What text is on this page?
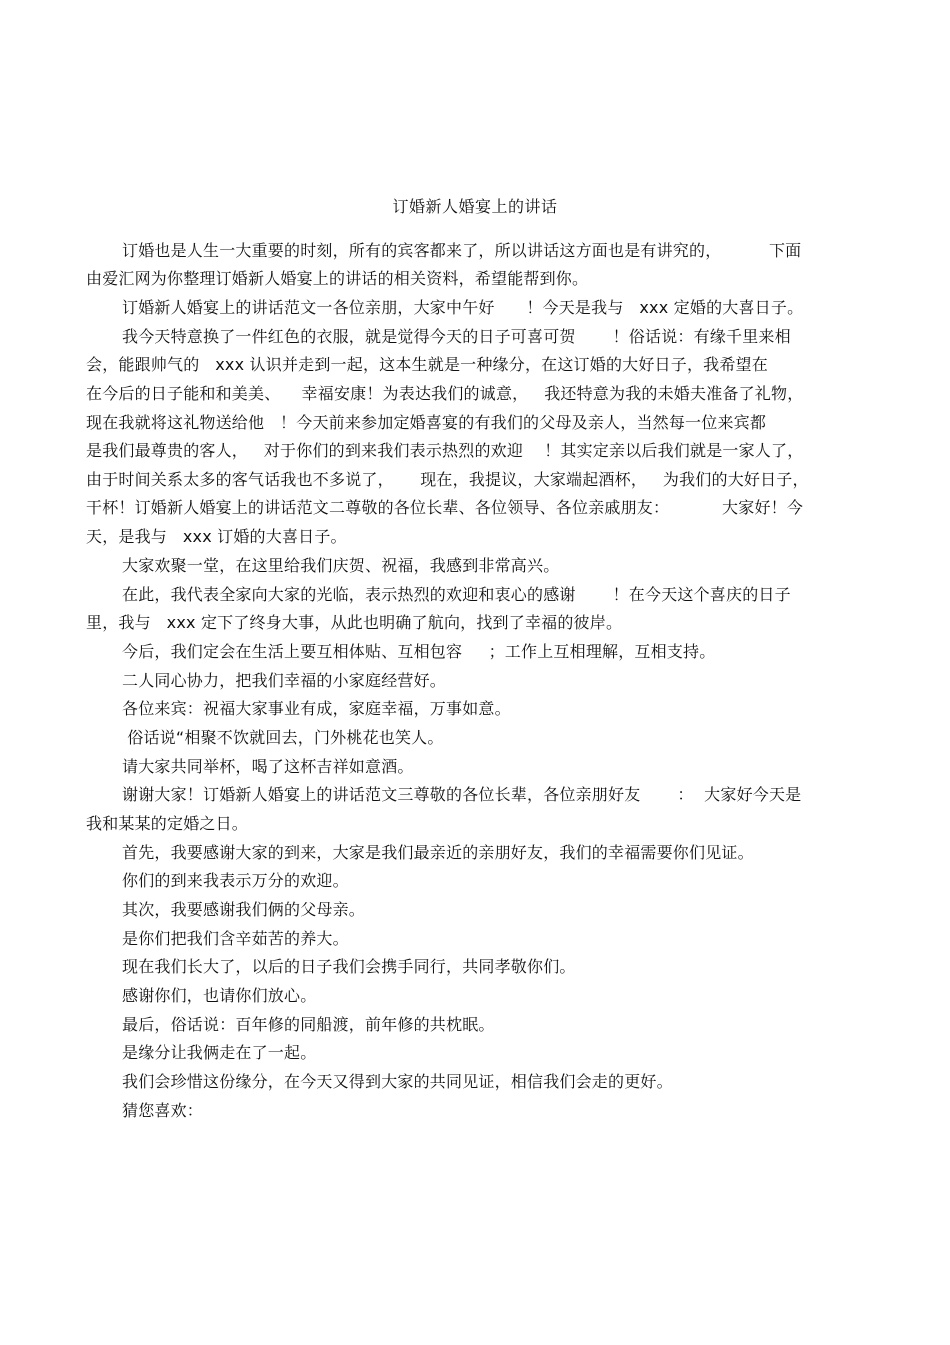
订婚新人婚宴上的讲话
订婚也是人生一大重要的时刻，所有的宾客都来了，所以讲话这方面也是有讲究的，         下面
由爱汇网为你整理订婚新人婚宴上的讲话的相关资料，希望能帮到你。
订婚新人婚宴上的讲话范文一各位亲朋，大家中午好      ！今天是我与   xxx 定婚的大喜日子。
我今天特意换了一件红色的衣服，就是觉得今天的日子可喜可贺       ！俗话说：有缘千里来相
会，能跟帅气的   xxx 认识并走到一起，这本生就是一种缘分，在这订婚的大好日子，我希望在
在今后的日子能和和美美、    幸福安康！为表达我们的诚意，   我还特意为我的未婚夫准备了礼物，
现在我就将这礼物送给他   ！今天前来参加定婚喜宴的有我们的父母及亲人，当然每一位来宾都
是我们最尊贵的客人，   对于你们的到来我们表示热烈的欢迎    ！其实定亲以后我们就是一家人了，
由于时间关系太多的客气话我也不多说了，     现在，我提议，大家端起酒杯，   为我们的大好日子，
干杯！订婚新人婚宴上的讲话范文二尊敬的各位长辈、各位领导、各位亲戚朋友：          大家好！今
天，是我与   xxx 订婚的大喜日子。
大家欢聚一堂，在这里给我们庆贺、祝福，我感到非常高兴。
在此，我代表全家向大家的光临，表示热烈的欢迎和衷心的感谢       ！在今天这个喜庆的日子
里，我与   xxx 定下了终身大事，从此也明确了航向，找到了幸福的彼岸。
今后，我们定会在生活上要互相体贴、互相包容     ；工作上互相理解，互相支持。
二人同心协力，把我们幸福的小家庭经营好。
各位来宾：祝福大家事业有成，家庭幸福，万事如意。
俗话说“相聚不饮就回去，门外桃花也笑人。
请大家共同举杯，喝了这杯吉祥如意酒。
谢谢大家！订婚新人婚宴上的讲话范文三尊敬的各位长辈，各位亲朋好友       ：  大家好今天是
我和某某的定婚之日。
首先，我要感谢大家的到来，大家是我们最亲近的亲朋好友，我们的幸福需要你们见证。
你们的到来我表示万分的欢迎。
其次，我要感谢我们俩的父母亲。
是你们把我们含辛茹苦的养大。
现在我们长大了，以后的日子我们会携手同行，共同孝敬你们。
感谢你们，也请你们放心。
最后，俗话说：百年修的同船渡，前年修的共枕眠。
是缘分让我俩走在了一起。
我们会珍惜这份缘分，在今天又得到大家的共同见证，相信我们会走的更好。
猜您喜欢：
